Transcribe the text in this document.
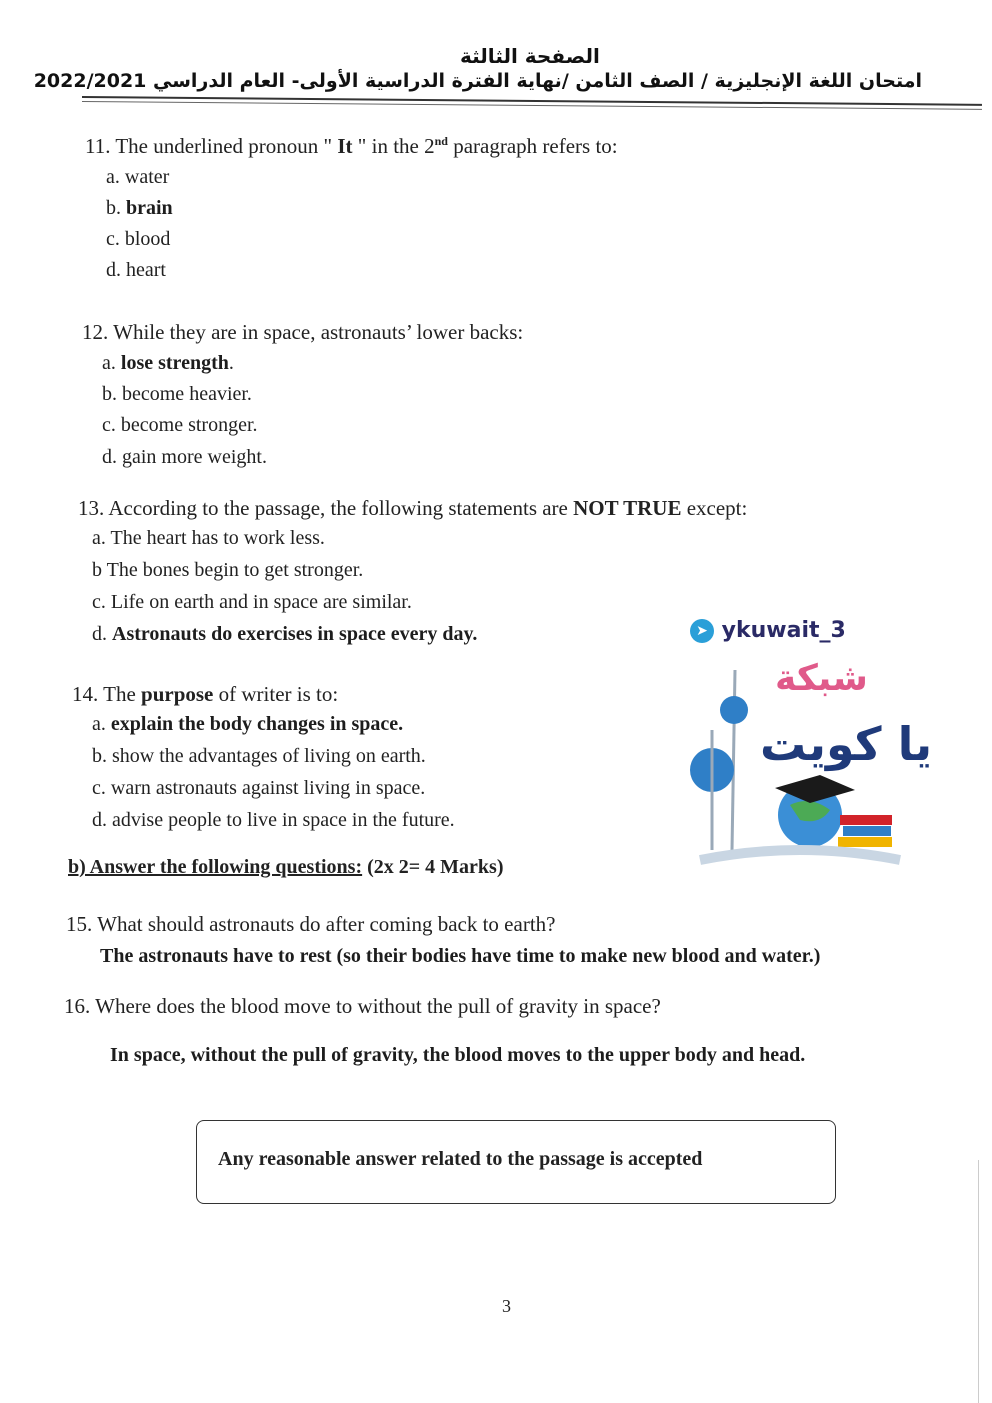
الصفحة الثالثة
امتحان اللغة الإنجليزية / الصف الثامن /نهاية الفترة الدراسية الأولى- العام الدراسي 2022/2021
11. The underlined pronoun " It " in the 2nd paragraph refers to:
a. water
b. brain
c. blood
d. heart
12. While they are in space, astronauts’ lower backs:
a. lose strength.
b. become heavier.
c. become stronger.
d. gain more weight.
13. According to the passage, the following statements are NOT TRUE except:
a. The heart has to work less.
b The bones begin to get stronger.
c. Life on earth and in space are similar.
d. Astronauts do exercises in space every day.
14. The purpose of writer is to:
a. explain the body changes in space.
b. show the advantages of living on earth.
c. warn astronauts against living in space.
d. advise people to live in space in the future.
➤ ykuwait_3
شبكة
يا كويت
b) Answer the following questions: (2x 2= 4 Marks)
15. What should astronauts do after coming back to earth?
The astronauts have to rest (so their bodies have time to make new blood and water.)
16. Where does the blood move to without the pull of gravity in space?
In space, without the pull of gravity, the blood moves to the upper body and head.
Any reasonable answer related to the passage is accepted
3
